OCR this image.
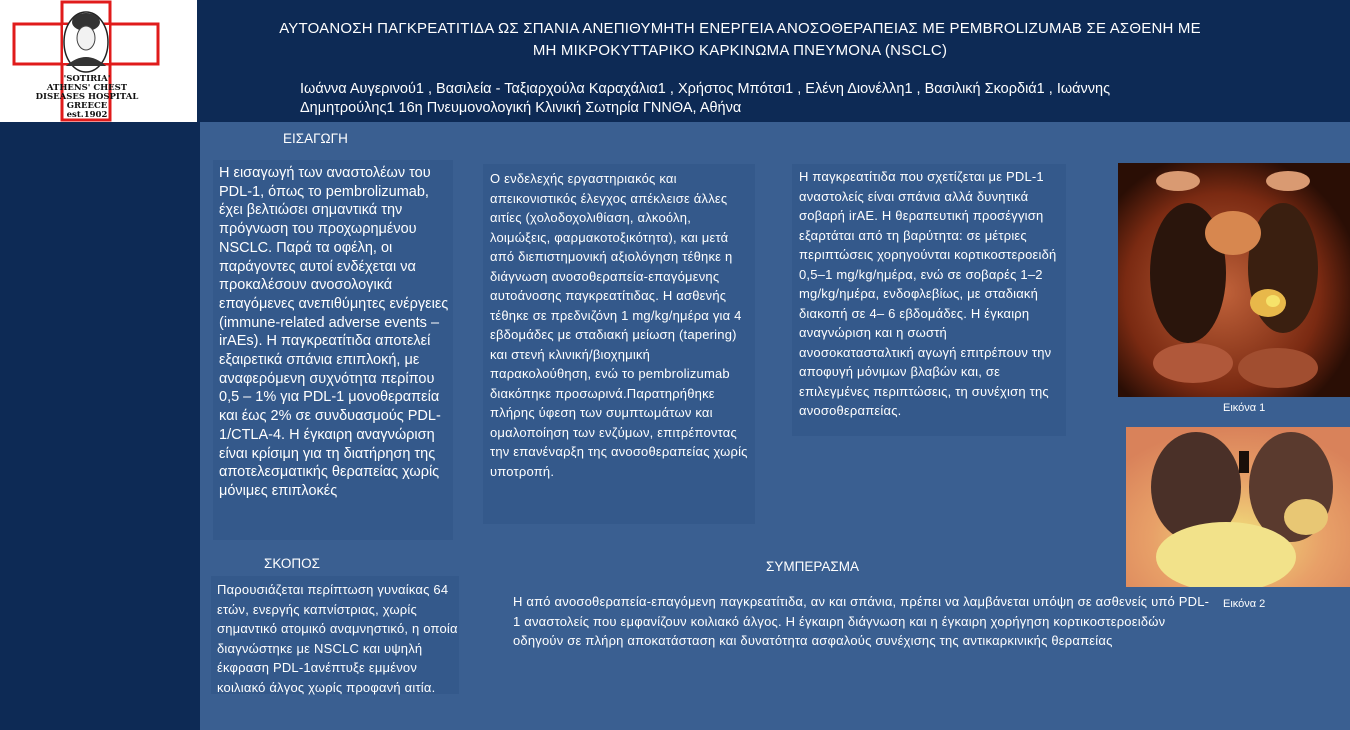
'SOTIRIA'
ATHENS' CHEST
DISEASES HOSPITAL
GREECE
est.1902
ΑΥΤΟΑΝΟΣΗ ΠΑΓΚΡΕΑΤΙΤΙΔΑ ΩΣ ΣΠΑΝΙΑ ΑΝΕΠΙΘΥΜΗΤΗ ΕΝΕΡΓΕΙΑ ΑΝΟΣΟΘΕΡΑΠΕΙΑΣ ΜΕ PEMBROLIZUMAB ΣΕ ΑΣΘΕΝΗ ΜΕ ΜΗ ΜΙΚΡΟΚΥΤΤΑΡΙΚΟ ΚΑΡΚΙΝΩΜΑ ΠΝΕΥΜΟΝΑ (NSCLC)
Ιωάννα Αυγερινού1 , Βασιλεία - Ταξιαρχούλα Καραχάλια1 , Χρήστος Μπότσι1 , Ελένη Διονέλλη1 , Βασιλική Σκορδιά1 , Ιωάννης Δημητρούλης1 16η Πνευμονολογική Κλινική Σωτηρία ΓΝΝΘΑ, Αθήνα
ΕΙΣΑΓΩΓΗ
Η εισαγωγή των αναστολέων του PDL-1, όπως το pembrolizumab, έχει βελτιώσει σημαντικά την πρόγνωση του προχωρημένου NSCLC. Παρά τα οφέλη, οι παράγοντες αυτοί ενδέχεται να προκαλέσουν ανοσολογικά επαγόμενες ανεπιθύμητες ενέργειες (immune-related adverse events – irAEs). Η παγκρεατίτιδα αποτελεί εξαιρετικά σπάνια επιπλοκή, με αναφερόμενη συχνότητα περίπου 0,5 – 1% για PDL-1 μονοθεραπεία και έως 2% σε συνδυασμούς PDL-1/CTLA-4. Η έγκαιρη αναγνώριση είναι κρίσιμη για τη διατήρηση της αποτελεσματικής θεραπείας χωρίς μόνιμες επιπλοκές
ΣΚΟΠΟΣ
Παρουσιάζεται περίπτωση γυναίκας 64 ετών, ενεργής καπνίστριας, χωρίς σημαντικό ατομικό αναμνηστικό, η οποία διαγνώστηκε με NSCLC και υψηλή έκφραση PDL-1ανέπτυξε εμμένον κοιλιακό άλγος χωρίς προφανή αιτία.
Ο ενδελεχής εργαστηριακός και απεικονιστικός έλεγχος απέκλεισε άλλες αιτίες (χολοδοχολιθίαση, αλκοόλη, λοιμώξεις, φαρμακοτοξικότητα), και μετά από διεπιστημονική αξιολόγηση τέθηκε η διάγνωση ανοσοθεραπεία-επαγόμενης αυτοάνοσης παγκρεατίτιδας. Η ασθενής τέθηκε σε πρεδνιζόνη 1 mg/kg/ημέρα για 4 εβδομάδες με σταδιακή μείωση (tapering) και στενή κλινική/βιοχημική παρακολούθηση, ενώ το pembrolizumab διακόπηκε προσωρινά.Παρατηρήθηκε πλήρης ύφεση των συμπτωμάτων και ομαλοποίηση των ενζύμων, επιτρέποντας την επανέναρξη της ανοσοθεραπείας χωρίς υποτροπή.
Η παγκρεατίτιδα που σχετίζεται με PDL-1 αναστολείς είναι σπάνια αλλά δυνητικά σοβαρή irAE. Η θεραπευτική προσέγγιση εξαρτάται από τη βαρύτητα: σε μέτριες περιπτώσεις χορηγούνται κορτικοστεροειδή 0,5–1 mg/kg/ημέρα, ενώ σε σοβαρές 1–2 mg/kg/ημέρα, ενδοφλεβίως, με σταδιακή διακοπή σε 4– 6 εβδομάδες. Η έγκαιρη αναγνώριση και η σωστή ανοσοκατασταλτική αγωγή επιτρέπουν την αποφυγή μόνιμων βλαβών και, σε επιλεγμένες περιπτώσεις, τη συνέχιση της ανοσοθεραπείας.
ΣΥΜΠΕΡΑΣΜΑ
Η από ανοσοθεραπεία-επαγόμενη παγκρεατίτιδα, αν και σπάνια, πρέπει να λαμβάνεται υπόψη σε ασθενείς υπό PDL-1 αναστολείς που εμφανίζουν κοιλιακό άλγος. Η έγκαιρη διάγνωση και η έγκαιρη χορήγηση κορτικοστεροειδών οδηγούν σε πλήρη αποκατάσταση και δυνατότητα ασφαλούς συνέχισης της αντικαρκινικής θεραπείας
Εικόνα 1
Εικόνα 2
